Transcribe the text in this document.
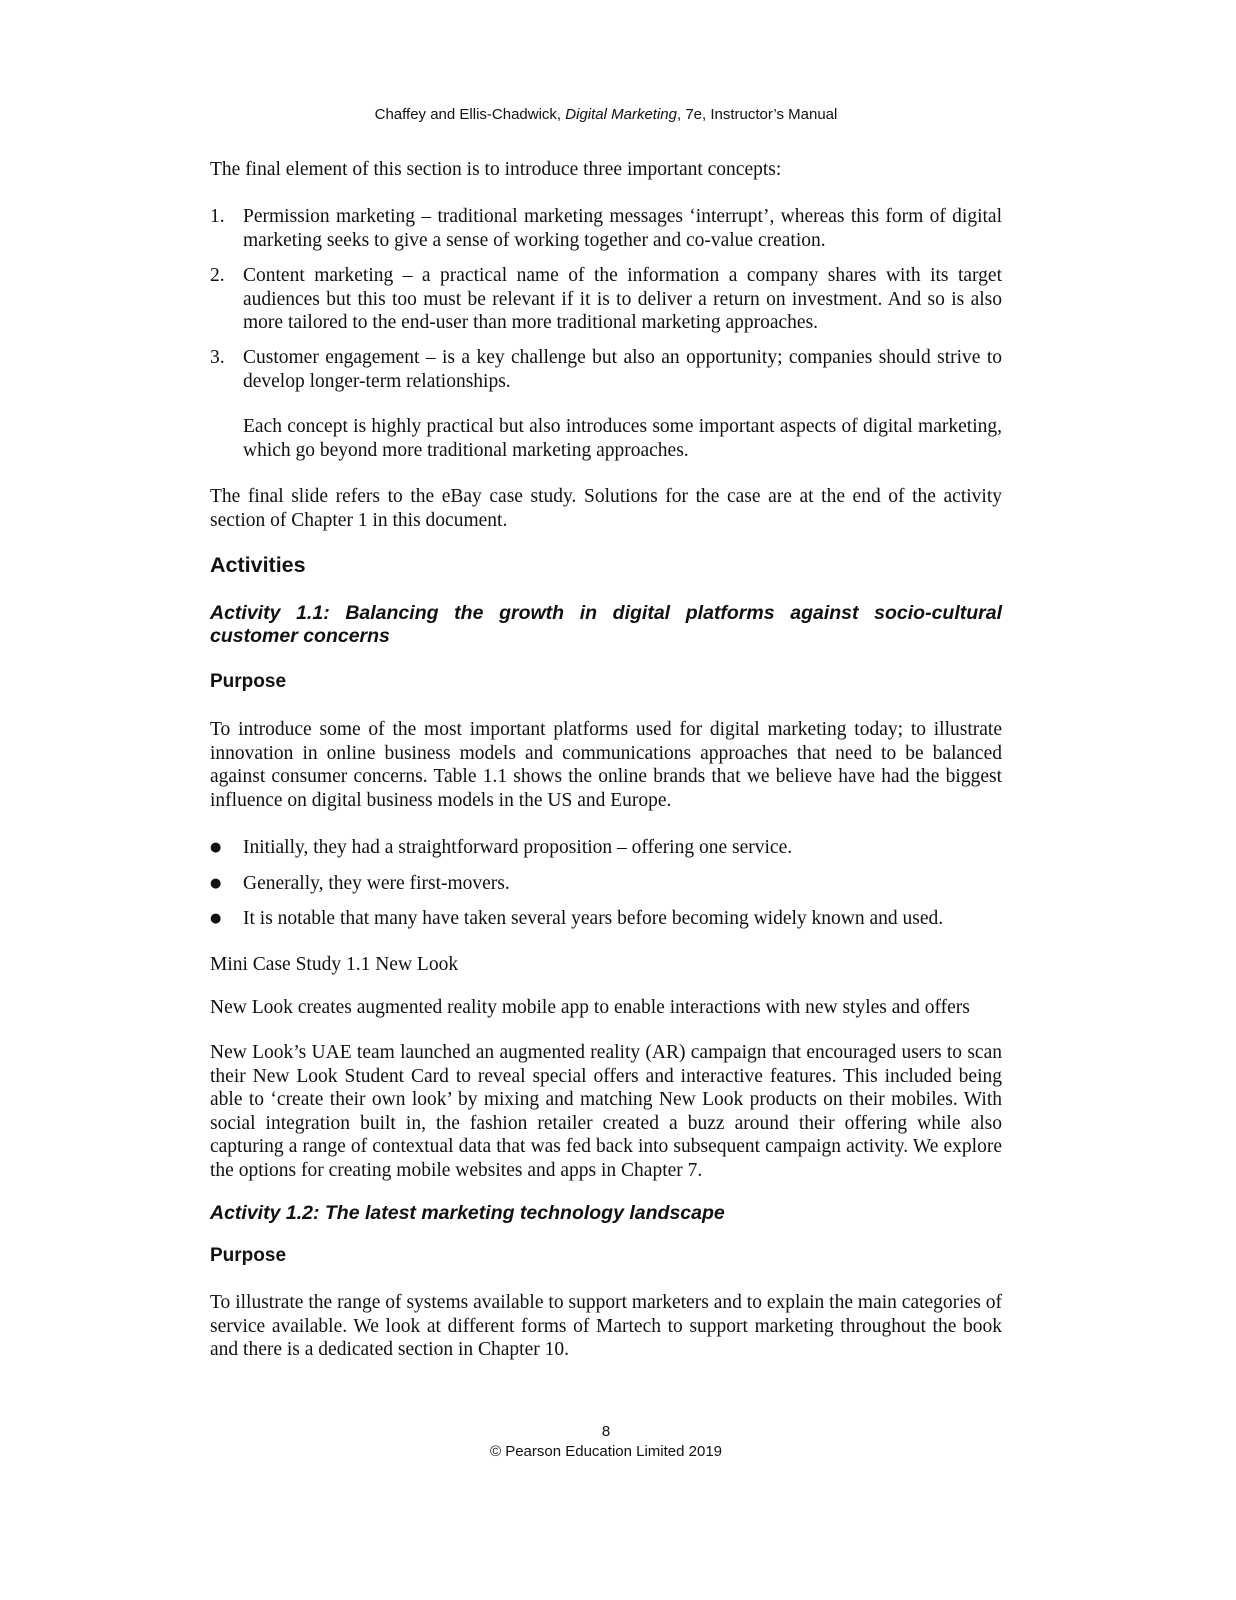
Chaffey and Ellis-Chadwick, Digital Marketing, 7e, Instructor’s Manual

The final element of this section is to introduce three important concepts:

1. Permission marketing – traditional marketing messages ‘interrupt’, whereas this form of digital marketing seeks to give a sense of working together and co-value creation.

2. Content marketing – a practical name of the information a company shares with its target audiences but this too must be relevant if it is to deliver a return on investment. And so is also more tailored to the end-user than more traditional marketing approaches.

3. Customer engagement – is a key challenge but also an opportunity; companies should strive to develop longer-term relationships.

Each concept is highly practical but also introduces some important aspects of digital marketing, which go beyond more traditional marketing approaches.

The final slide refers to the eBay case study. Solutions for the case are at the end of the activity section of Chapter 1 in this document.

Activities
Activity 1.1: Balancing the growth in digital platforms against socio-cultural customer concerns
Purpose

To introduce some of the most important platforms used for digital marketing today; to illustrate innovation in online business models and communications approaches that need to be balanced against consumer concerns. Table 1.1 shows the online brands that we believe have had the biggest influence on digital business models in the US and Europe.

● Initially, they had a straightforward proposition – offering one service.

● Generally, they were first-movers.

● It is notable that many have taken several years before becoming widely known and used.

Mini Case Study 1.1 New Look

New Look creates augmented reality mobile app to enable interactions with new styles and offers

New Look’s UAE team launched an augmented reality (AR) campaign that encouraged users to scan their New Look Student Card to reveal special offers and interactive features. This included being able to ‘create their own look’ by mixing and matching New Look products on their mobiles. With social integration built in, the fashion retailer created a buzz around their offering while also capturing a range of contextual data that was fed back into subsequent campaign activity. We explore the options for creating mobile websites and apps in Chapter 7.

Activity 1.2: The latest marketing technology landscape
Purpose

To illustrate the range of systems available to support marketers and to explain the main categories of service available. We look at different forms of Martech to support marketing throughout the book and there is a dedicated section in Chapter 10.

8
© Pearson Education Limited 2019
